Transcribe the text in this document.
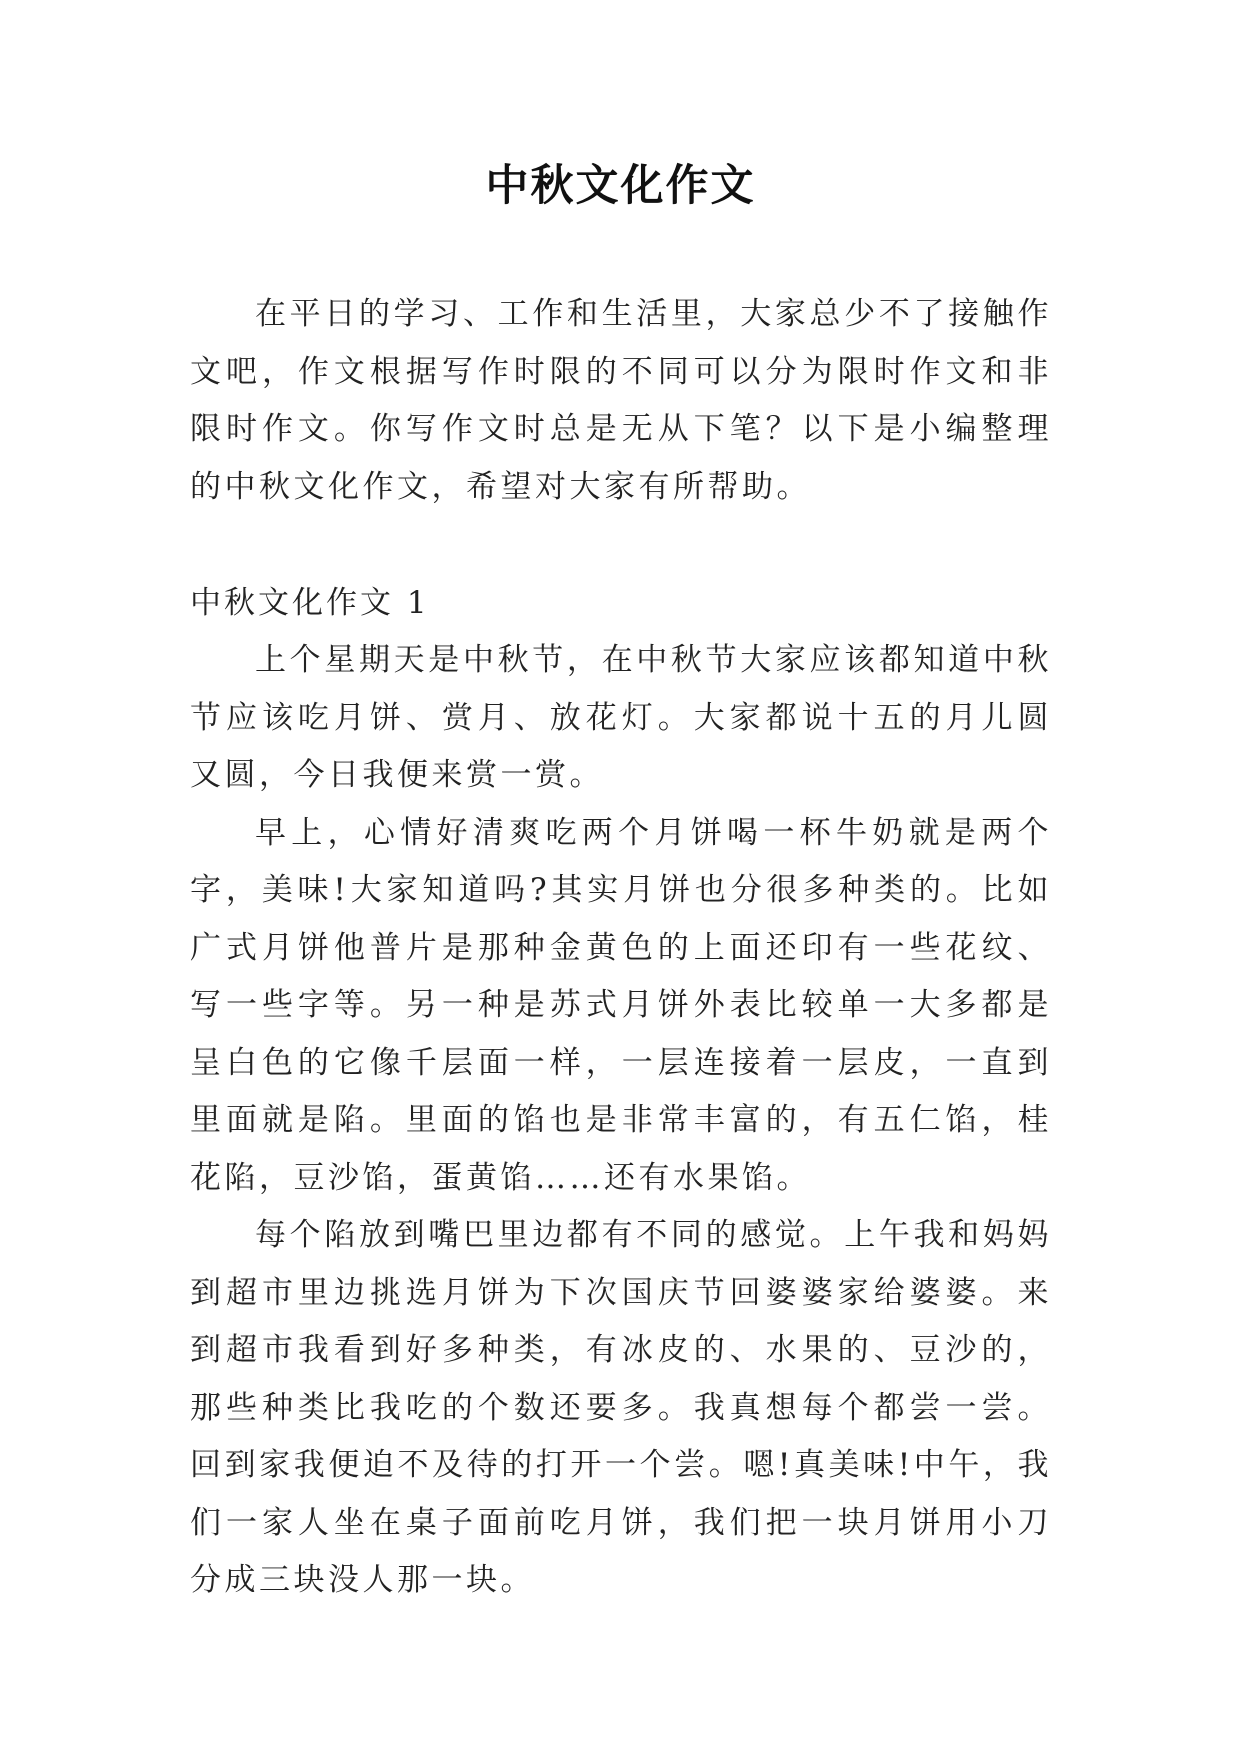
中秋文化作文

在平日的学习、工作和生活里，大家总少不了接触作文吧，作文根据写作时限的不同可以分为限时作文和非限时作文。你写作文时总是无从下笔？以下是小编整理的中秋文化作文，希望对大家有所帮助。

中秋文化作文 1

上个星期天是中秋节，在中秋节大家应该都知道中秋节应该吃月饼、赏月、放花灯。大家都说十五的月儿圆又圆，今日我便来赏一赏。

早上，心情好清爽吃两个月饼喝一杯牛奶就是两个字，美味!大家知道吗?其实月饼也分很多种类的。比如广式月饼他普片是那种金黄色的上面还印有一些花纹、写一些字等。另一种是苏式月饼外表比较单一大多都是呈白色的它像千层面一样，一层连接着一层皮，一直到里面就是陷。里面的馅也是非常丰富的，有五仁馅，桂花陷，豆沙馅，蛋黄馅……还有水果馅。

每个陷放到嘴巴里边都有不同的感觉。上午我和妈妈到超市里边挑选月饼为下次国庆节回婆婆家给婆婆。来到超市我看到好多种类，有冰皮的、水果的、豆沙的，那些种类比我吃的个数还要多。我真想每个都尝一尝。回到家我便迫不及待的打开一个尝。嗯!真美味!中午，我们一家人坐在桌子面前吃月饼，我们把一块月饼用小刀分成三块没人那一块。
